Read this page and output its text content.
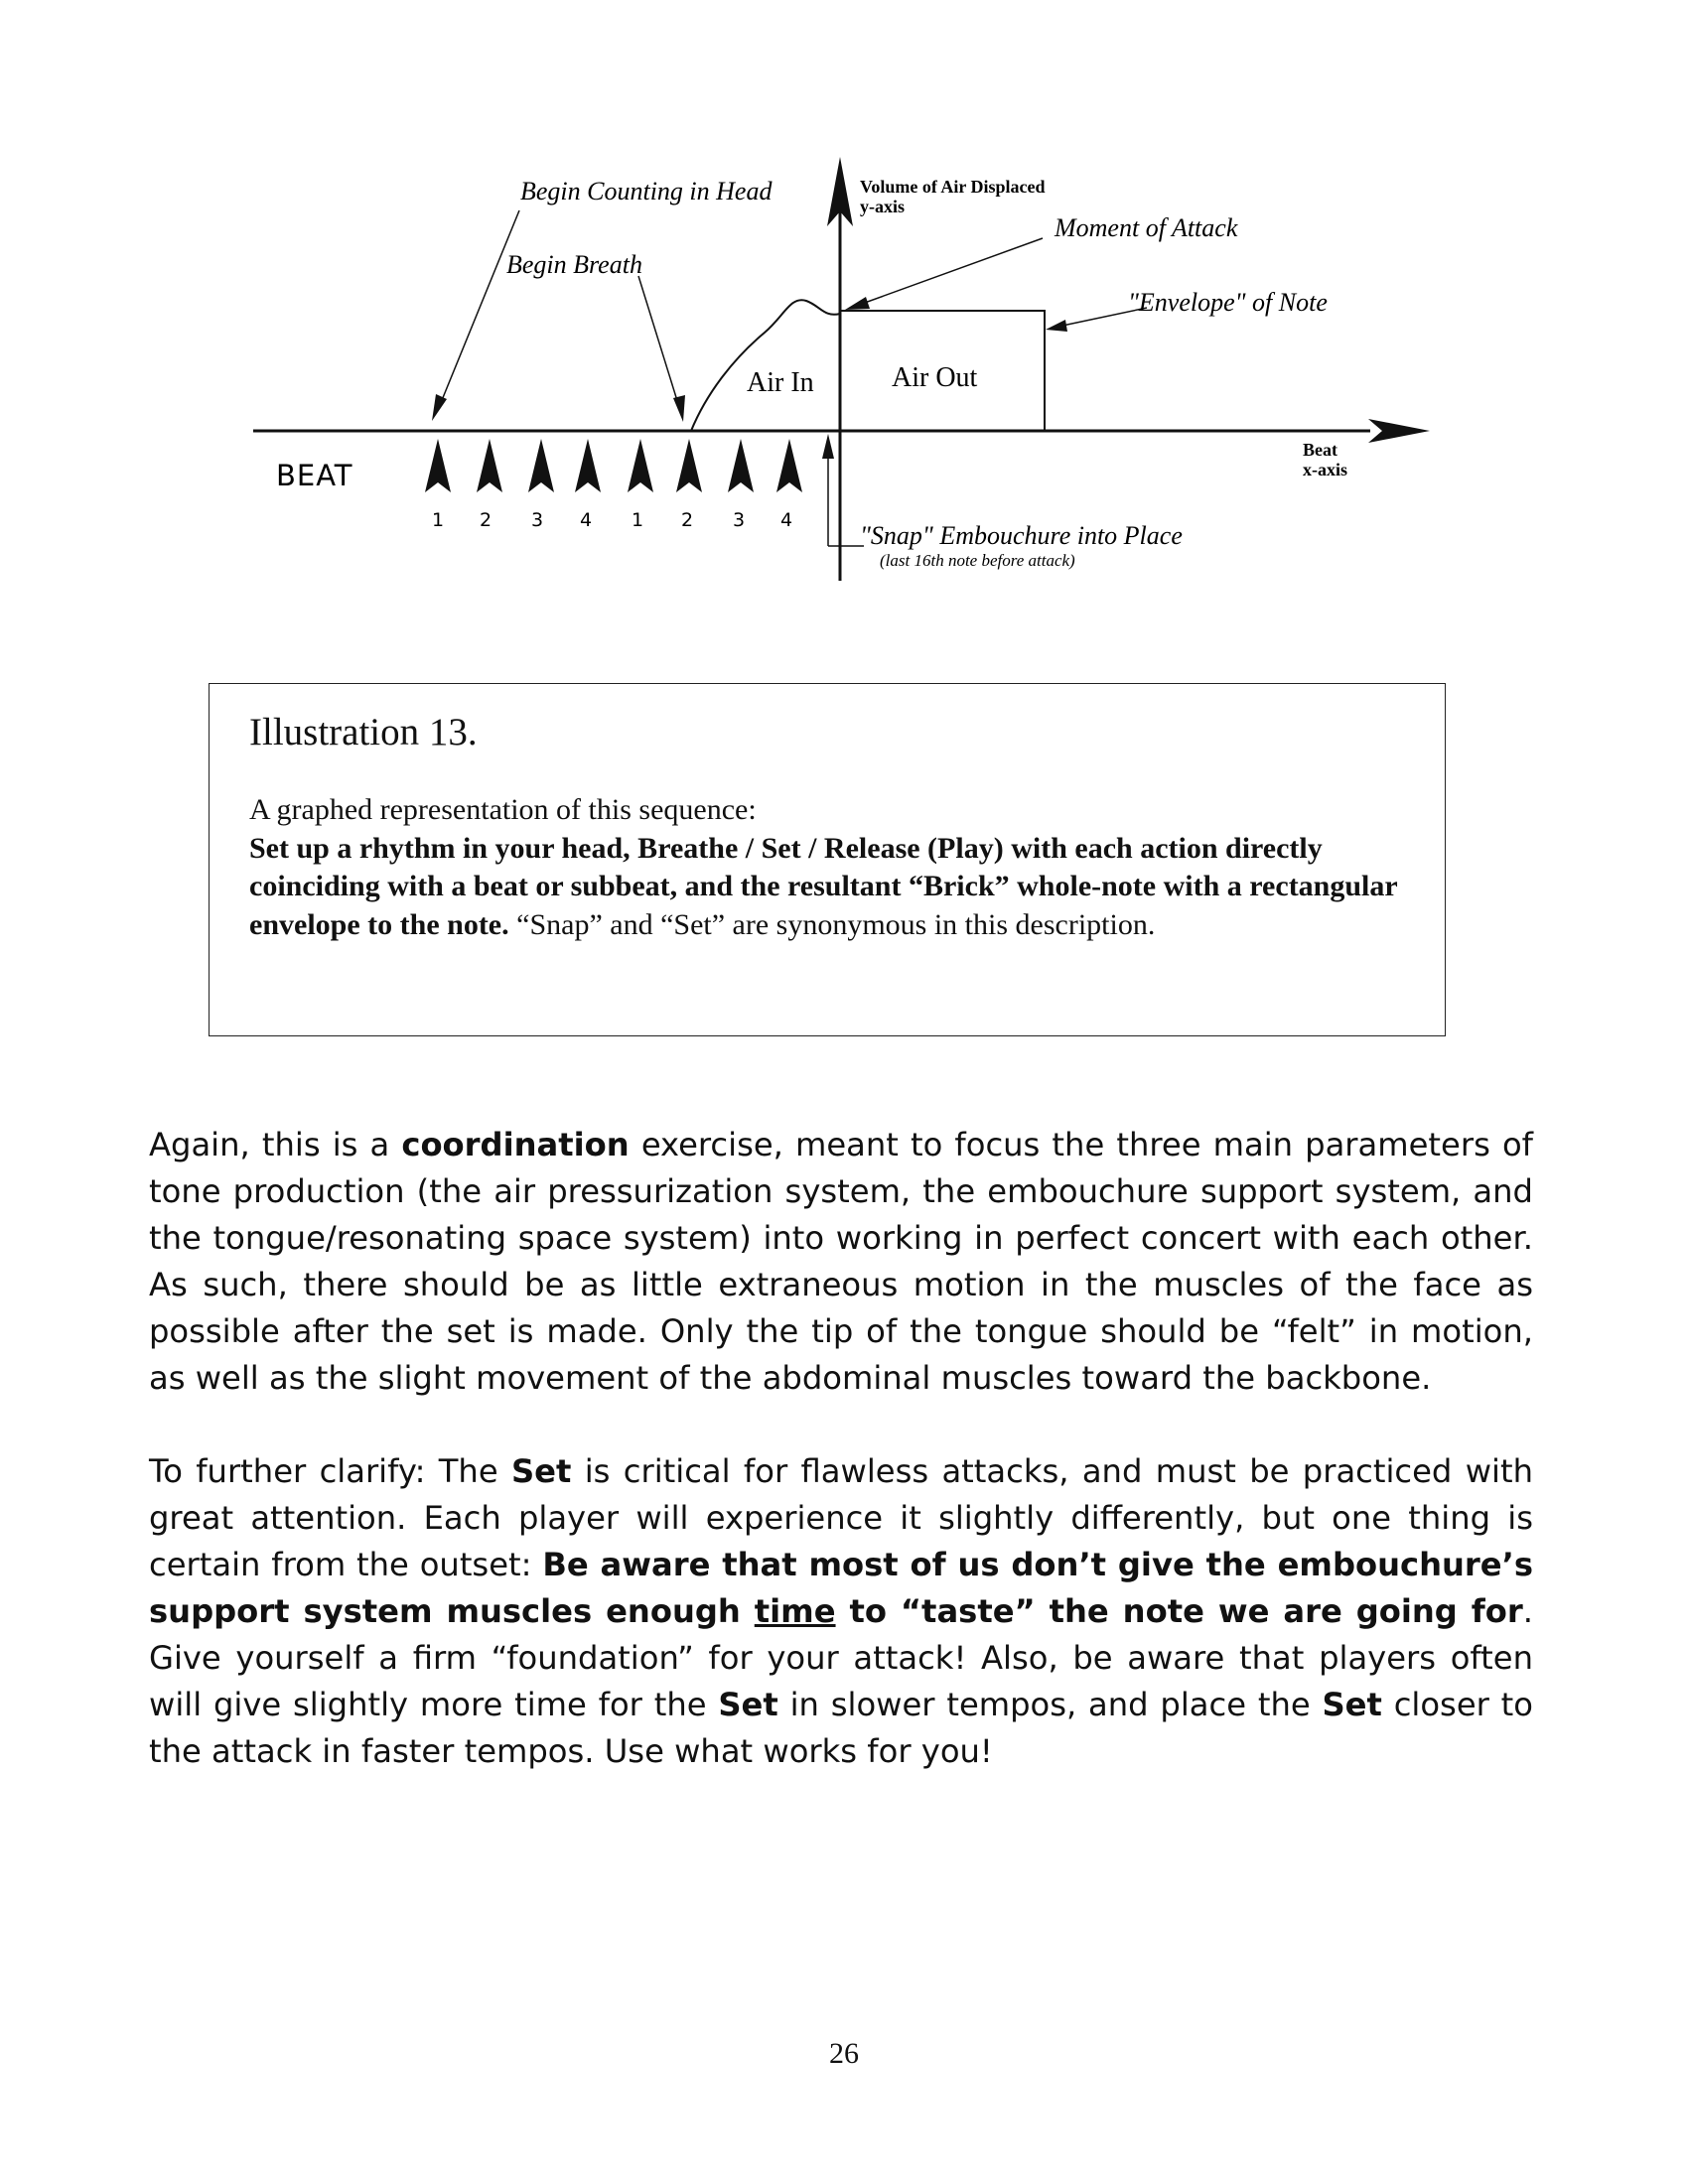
1 2 3 4 1 2 3 4
BEAT
Begin Counting in Head
Begin Breath
Volume of Air Displaced
y-axis
Moment of Attack
"Envelope" of Note
Air In	Air Out
Beat
x-axis
"Snap" Embouchure into Place
(last 16th note before attack)
Illustration 13.
A graphed representation of this sequence:
Set up a rhythm in your head, Breathe / Set / Release (Play) with each action directly coinciding with a beat or subbeat, and the resultant “Brick” whole-note with a rectangular envelope to the note. “Snap” and “Set” are synonymous in this description.

Again, this is a coordination exercise, meant to focus the three main parameters of tone production (the air pressurization system, the embouchure support system, and the tongue/resonating space system) into working in perfect concert with each other. As such, there should be as little extraneous motion in the muscles of the face as possible after the set is made. Only the tip of the tongue should be “felt” in motion, as well as the slight movement of the abdominal muscles toward the backbone.

To further clarify: The Set is critical for flawless attacks, and must be practiced with great attention. Each player will experience it slightly differently, but one thing is certain from the outset: Be aware that most of us don’t give the embouchure’s support system muscles enough time to “taste” the note we are going for. Give yourself a firm “foundation” for your attack! Also, be aware that players often will give slightly more time for the Set in slower tempos, and place the Set closer to the attack in faster tempos. Use what works for you!

26
